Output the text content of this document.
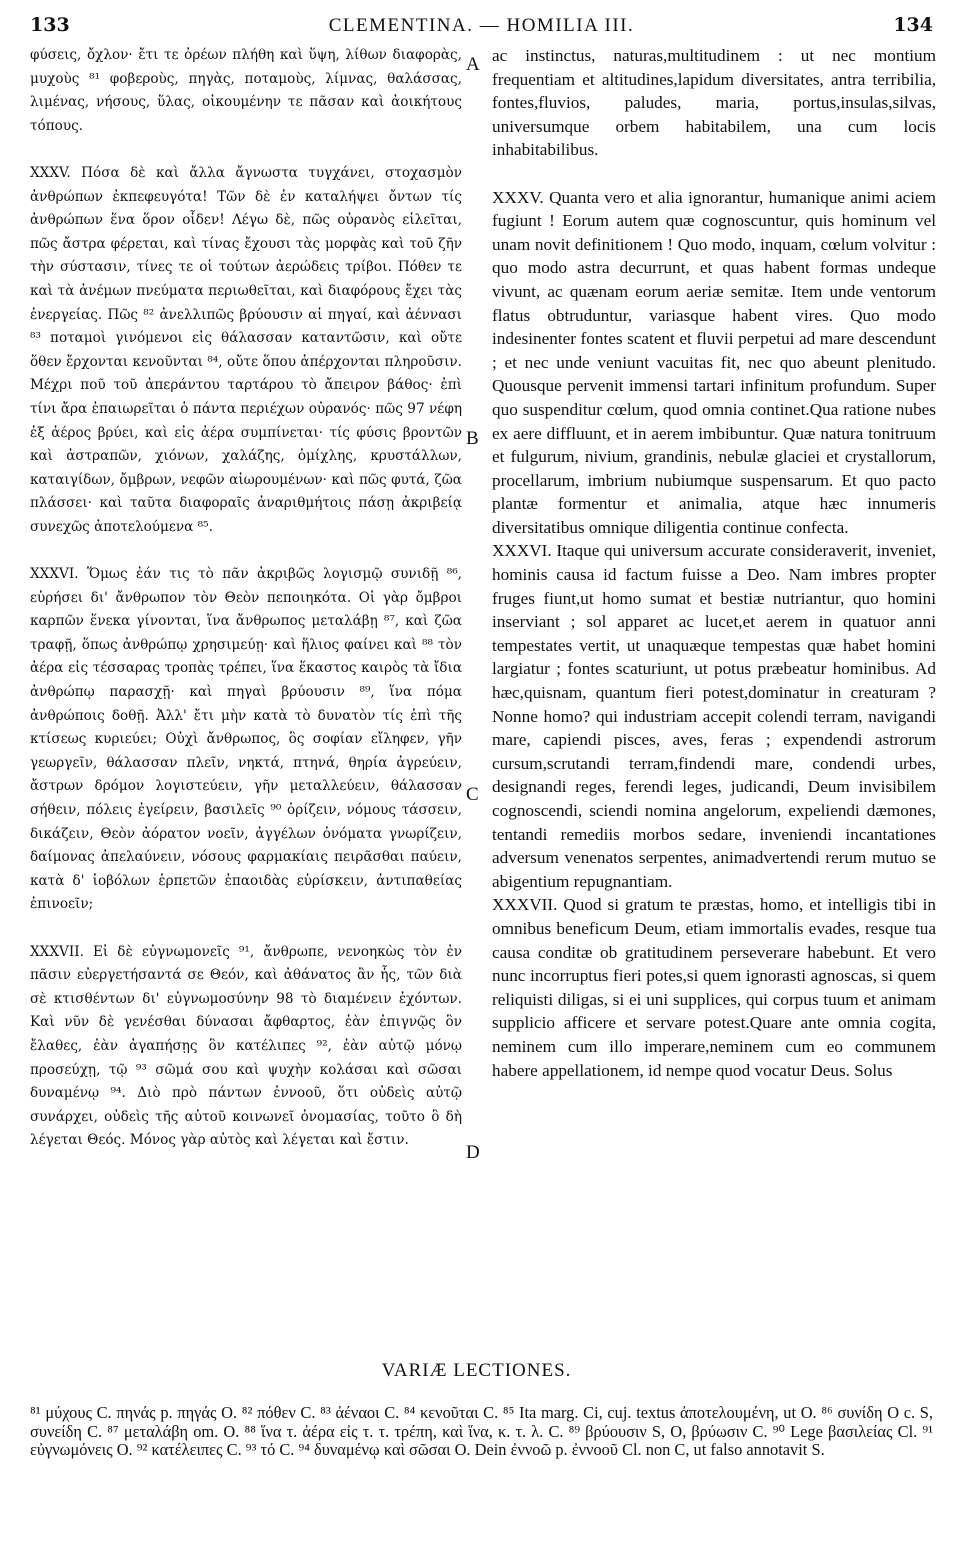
133	CLEMENTINA. — HOMILIA III.	134

φύσεις, ὄχλον· ἔτι τε ὀρέων πλήθη καὶ ὕψη, λίθων διαφορὰς, μυχοὺς ⁸¹ φοβεροὺς, πηγὰς, ποταμοὺς, λίμνας, θαλάσσας, λιμένας, νήσους, ὕλας, οἰκουμένην τε πᾶσαν καὶ ἀοικήτους τόπους.

XXXV. Πόσα δὲ καὶ ἄλλα ἄγνωστα τυγχάνει, στοχασμὸν ἀνθρώπων ἐκπεφευγότα! Τῶν δὲ ἐν καταλήψει ὄντων τίς ἀνθρώπων ἕνα ὅρον οἶδεν! Λέγω δὲ, πῶς οὐρανὸς εἱλεῖται, πῶς ἄστρα φέρεται, καὶ τίνας ἔχουσι τὰς μορφὰς καὶ τοῦ ζῆν τὴν σύστασιν, τίνες τε οἱ τούτων ἀερώδεις τρίβοι. Πόθεν τε καὶ τὰ ἀνέμων πνεύματα περιωθεῖται, καὶ διαφόρους ἔχει τὰς ἐνεργείας. Πῶς ⁸² ἀνελλιπῶς βρύουσιν αἱ πηγαί, καὶ ἀέννασι ⁸³ ποταμοὶ γινόμενοι εἰς θάλασσαν καταντῶσιν, καὶ οὔτε ὅθεν ἔρχονται κενοῦνται ⁸⁴, οὔτε ὅπου ἀπέρχονται πληροῦσιν. Μέχρι ποῦ τοῦ ἀπεράντου ταρτάρου τὸ ἄπειρον βάθος· ἐπὶ τίνι ἄρα ἐπαιωρεῖται ὁ πάντα περιέχων οὐρανός· πῶς 97 νέφη ἐξ ἀέρος βρύει, καὶ εἰς ἀέρα συμπίνεται· τίς φύσις βροντῶν καὶ ἀστραπῶν, χιόνων, χαλάζης, ὁμίχλης, κρυστάλλων, καταιγίδων, ὄμβρων, νεφῶν αἰωρουμένων· καὶ πῶς φυτά, ζῶα πλάσσει· καὶ ταῦτα διαφοραῖς ἀναριθμήτοις πάσῃ ἀκριβείᾳ συνεχῶς ἀποτελούμενα ⁸⁵.

XXXVI. Ὅμως ἐάν τις τὸ πᾶν ἀκριβῶς λογισμῷ συνιδῇ ⁸⁶, εὑρήσει δι' ἄνθρωπον τὸν Θεὸν πεποιηκότα. Οἱ γὰρ ὄμβροι καρπῶν ἕνεκα γίνονται, ἵνα ἄνθρωπος μεταλάβῃ ⁸⁷, καὶ ζῶα τραφῇ, ὅπως ἀνθρώπῳ χρησιμεύῃ· καὶ ἥλιος φαίνει καὶ ⁸⁸ τὸν ἀέρα εἰς τέσσαρας τροπὰς τρέπει, ἵνα ἕκαστος καιρὸς τὰ ἴδια ἀνθρώπῳ παρασχῇ· καὶ πηγαὶ βρύουσιν ⁸⁹, ἵνα πόμα ἀνθρώποις δοθῇ. Ἀλλ' ἔτι μὴν κατὰ τὸ δυνατὸν τίς ἐπὶ τῆς κτίσεως κυριεύει; Οὐχὶ ἄνθρωπος, ὃς σοφίαν εἴληφεν, γῆν γεωργεῖν, θάλασσαν πλεῖν, νηκτά, πτηνά, θηρία ἀγρεύειν, ἄστρων δρόμον λογιστεύειν, γῆν μεταλλεύειν, θάλασσαν σήθειν, πόλεις ἐγείρειν, βασιλεῖς ⁹⁰ ὁρίζειν, νόμους τάσσειν, δικάζειν, Θεὸν ἀόρατον νοεῖν, ἀγγέλων ὀνόματα γνωρίζειν, δαίμονας ἀπελαύνειν, νόσους φαρμακίαις πειρᾶσθαι παύειν, κατὰ δ' ἰοβόλων ἑρπετῶν ἐπαοιδὰς εὑρίσκειν, ἀντιπαθείας ἐπινοεῖν;

XXXVII. Εἰ δὲ εὐγνωμονεῖς ⁹¹, ἄνθρωπε, νενοηκὼς τὸν ἐν πᾶσιν εὐεργετήσαντά σε Θεόν, καὶ ἀθάνατος ἂν ἧς, τῶν διὰ σὲ κτισθέντων δι' εὐγνωμοσύνην 98 τὸ διαμένειν ἐχόντων. Καὶ νῦν δὲ γενέσθαι δύνασαι ἄφθαρτος, ἐὰν ἐπιγνῷς ὃν ἔλαθες, ἐὰν ἀγαπήσῃς ὃν κατέλιπες ⁹², ἐὰν αὐτῷ μόνῳ προσεύχῃ, τῷ ⁹³ σῶμά σου καὶ ψυχὴν κολάσαι καὶ σῶσαι δυναμένῳ ⁹⁴. Διὸ πρὸ πάντων ἐννοοῦ, ὅτι οὐδεὶς αὐτῷ συνάρχει, οὐδεὶς τῆς αὐτοῦ κοινωνεῖ ὀνομασίας, τοῦτο ὃ δὴ λέγεται Θεός. Μόνος γὰρ αὐτὸς καὶ λέγεται καὶ ἔστιν.

A
B
C
D

ac instinctus, naturas,multitudinem : ut nec montium frequentiam et altitudines,lapidum diversitates, antra terribilia, fontes,fluvios, paludes, maria, portus,insulas,silvas, universumque orbem habitabilem, una cum locis inhabitabilibus.

XXXV. Quanta vero et alia ignorantur, humanique animi aciem fugiunt ! Eorum autem quæ cognoscuntur, quis hominum vel unam novit definitionem ! Quo modo, inquam, cœlum volvitur : quo modo astra decurrunt, et quas habent formas undeque vivunt, ac quænam eorum aeriæ semitæ. Item unde ventorum flatus obtruduntur, variasque habent vires. Quo modo indesinenter fontes scatent et fluvii perpetui ad mare descendunt ; et nec unde veniunt vacuitas fit, nec quo abeunt plenitudo. Quousque pervenit immensi tartari infinitum profundum. Super quo suspenditur cœlum, quod omnia continet.Qua ratione nubes ex aere diffluunt, et in aerem imbibuntur. Quæ natura tonitruum et fulgurum, nivium, grandinis, nebulæ glaciei et crystallorum, procellarum, imbrium nubiumque suspensarum. Et quo pacto plantæ formentur et animalia, atque hæc innumeris diversitatibus omnique diligentia continue confecta.

XXXVI. Itaque qui universum accurate consideraverit, inveniet, hominis causa id factum fuisse a Deo. Nam imbres propter fruges fiunt,ut homo sumat et bestiæ nutriantur, quo homini inserviant ; sol apparet ac lucet,et aerem in quatuor anni tempestates vertit, ut unaquæque tempestas quæ habet homini largiatur ; fontes scaturiunt, ut potus præbeatur hominibus. Ad hæc,quisnam, quantum fieri potest,dominatur in creaturam ? Nonne homo? qui industriam accepit colendi terram, navigandi mare, capiendi pisces, aves, feras ; expendendi astrorum cursum,scrutandi terram,findendi mare, condendi urbes, designandi reges, ferendi leges, judicandi, Deum invisibilem cognoscendi, sciendi nomina angelorum, expeliendi dæmones, tentandi remediis morbos sedare, inveniendi incantationes adversum venenatos serpentes, animadvertendi rerum mutuo se abigentium repugnantiam.

XXXVII. Quod si gratum te præstas, homo, et intelligis tibi in omnibus beneficum Deum, etiam immortalis evades, resque tua causa conditæ ob gratitudinem perseverare habebunt. Et vero nunc incorruptus fieri potes,si quem ignorasti agnoscas, si quem reliquisti diligas, si ei uni supplices, qui corpus tuum et animam supplicio afficere et servare potest.Quare ante omnia cogita, neminem cum illo imperare,neminem cum eo communem habere appellationem, id nempe quod vocatur Deus. Solus

VARIÆ LECTIONES.
⁸¹ μύχους C. πηνάς p. πηγάς O. ⁸² πόθεν C. ⁸³ ἀέναοι C. ⁸⁴ κενοῦται C. ⁸⁵ Ita marg. Ci, cuj. textus ἀποτελουμένη, ut O. ⁸⁶ συνίδη O c. S, συνείδη C. ⁸⁷ μεταλάβη om. O. ⁸⁸ ἵνα τ. ἀέρα εἰς τ. τ. τρέπη, καὶ ἵνα, κ. τ. λ. C. ⁸⁹ βρύουσιν S, O, βρύωσιν C. ⁹⁰ Lege βασιλείας Cl. ⁹¹ εὐγνωμόνεις O. ⁹² κατέλειπες C. ⁹³ τό C. ⁹⁴ δυναμένῳ καὶ σῶσαι O. Dein ἐννοῶ p. ἐννοοῦ Cl. non C, ut falso annotavit S.
